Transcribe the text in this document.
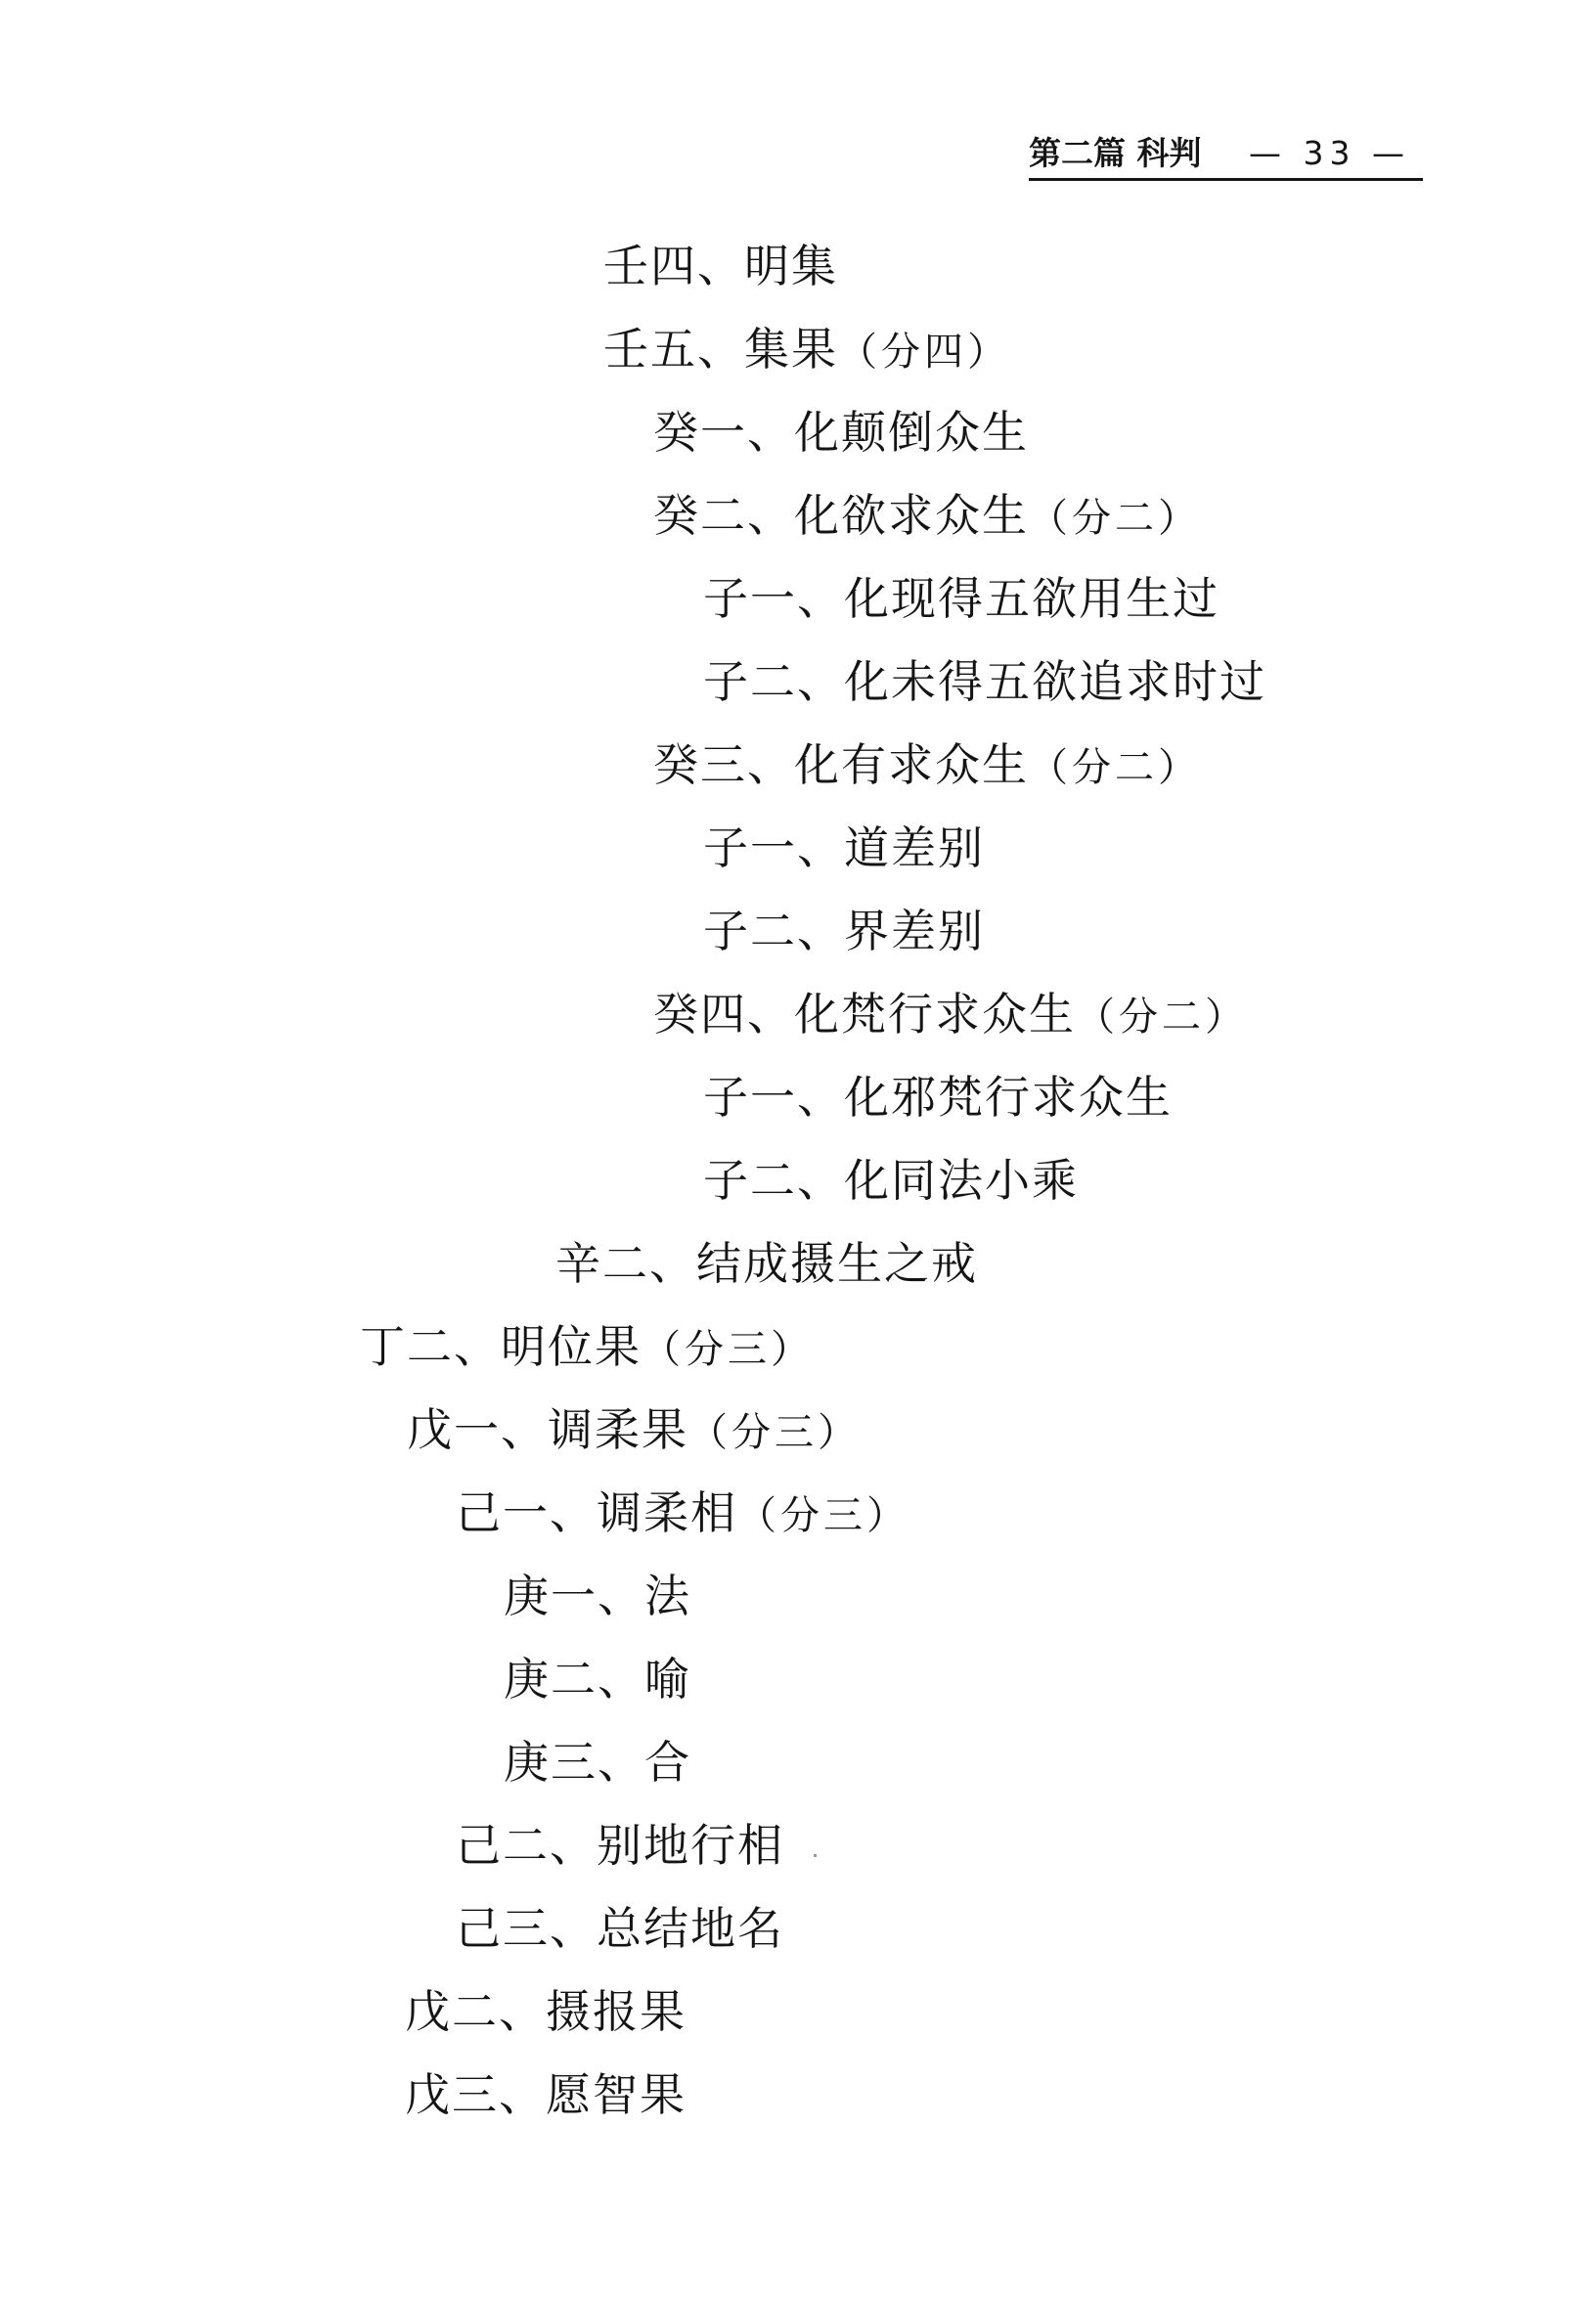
第二篇 科判 — 33 —
壬四、明集
壬五、集果（分四）
癸一、化颠倒众生
癸二、化欲求众生（分二）
子一、化现得五欲用生过
子二、化未得五欲追求时过
癸三、化有求众生（分二）
子一、道差别
子二、界差别
癸四、化梵行求众生（分二）
子一、化邪梵行求众生
子二、化同法小乘
辛二、结成摄生之戒
丁二、明位果（分三）
戊一、调柔果（分三）
己一、调柔相（分三）
庚一、法
庚二、喻
庚三、合
己二、别地行相
己三、总结地名
戊二、摄报果
戊三、愿智果
